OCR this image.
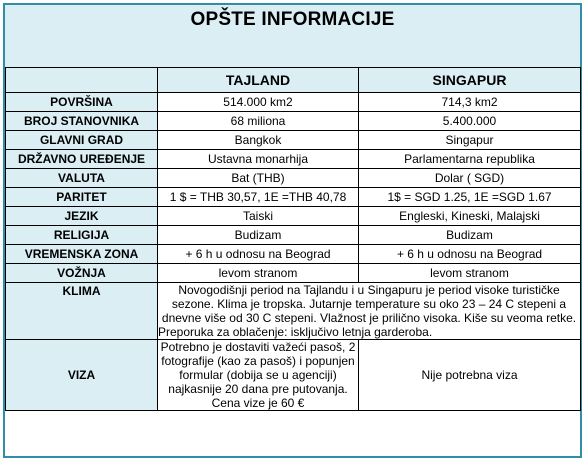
OPŠTE INFORMACIJE
	TAJLAND	SINGAPUR
POVRŠINA	514.000 km2	714,3 km2
BROJ STANOVNIKA	68 miliona	5.400.000
GLAVNI GRAD	Bangkok	Singapur
DRŽAVNO UREĐENJE	Ustavna monarhija	Parlamentarna republika
VALUTA	Bat (THB)	Dolar ( SGD)
PARITET	1 $ = THB 30,57, 1E =THB 40,78	1$ = SGD 1.25, 1E =SGD 1.67
JEZIK	Taiski	Engleski, Kineski, Malajski
RELIGIJA	Budizam	Budizam
VREMENSKA ZONA	+ 6 h u odnosu na Beograd	+ 6 h u odnosu na Beograd
VOŽNJA	levom stranom	levom stranom
KLIMA	Novogodišnji period na Tajlandu i u Singapuru je period visoke turističke sezone. Klima je tropska. Jutarnje temperature su oko 23 – 24 C stepeni a dnevne više od 30 C stepeni. Vlažnost je prilično visoka. Kiše su veoma retke. Preporuka za oblačenje: isključivo letnja garderoba.	
VIZA	Potrebno je dostaviti važeći pasoš, 2 fotografije (kao za pasoš) i popunjen formular (dobija se u agenciji) najkasnije 20 dana pre putovanja. Cena vize je 60 €	Nije potrebna viza
